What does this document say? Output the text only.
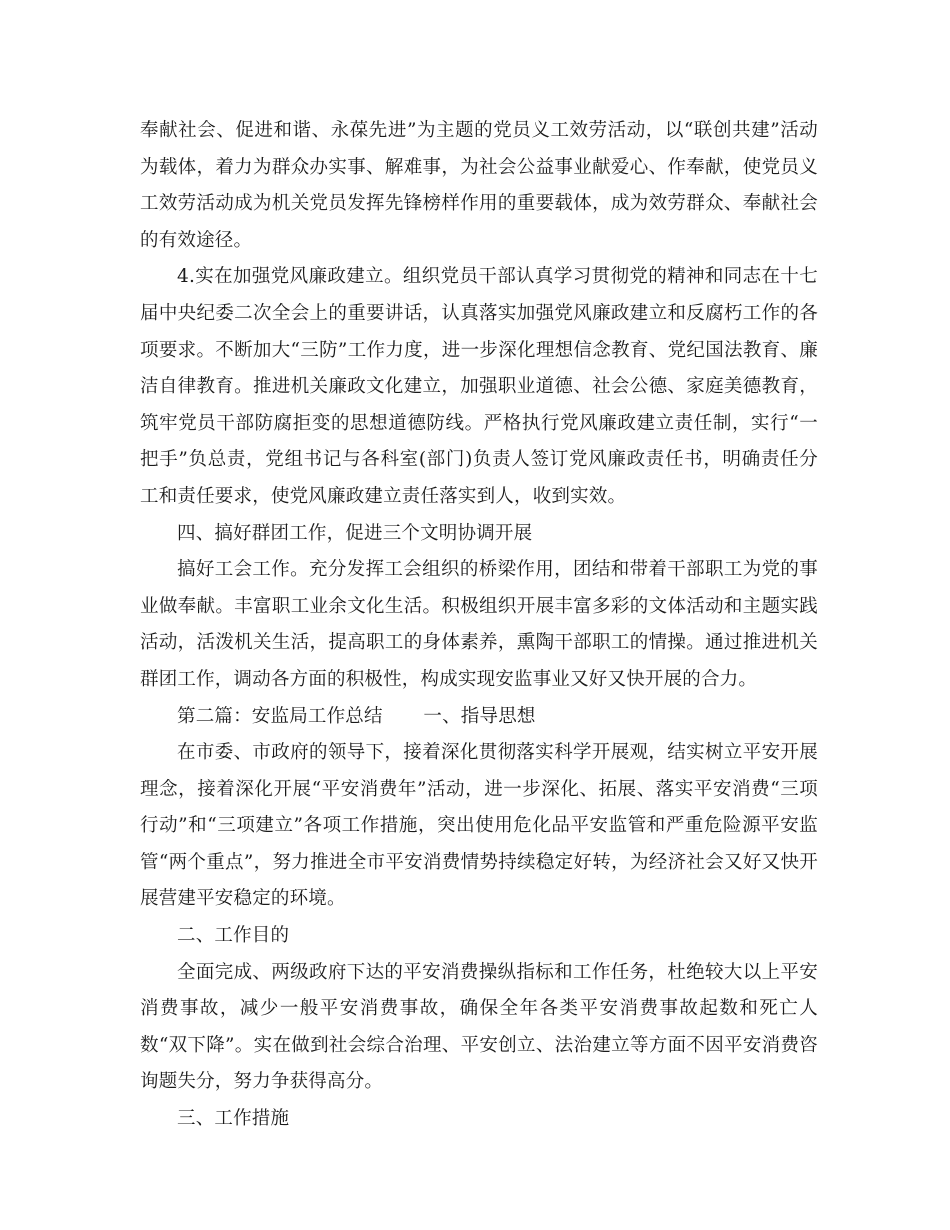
奉献社会、促进和谐、永葆先进”为主题的党员义工效劳活动，以“联创共建”活动为载体，着力为群众办实事、解难事，为社会公益事业献爱心、作奉献，使党员义工效劳活动成为机关党员发挥先锋榜样作用的重要载体，成为效劳群众、奉献社会的有效途径。

4.实在加强党风廉政建立。组织党员干部认真学习贯彻党的精神和同志在十七届中央纪委二次全会上的重要讲话，认真落实加强党风廉政建立和反腐朽工作的各项要求。不断加大“三防”工作力度，进一步深化理想信念教育、党纪国法教育、廉洁自律教育。推进机关廉政文化建立，加强职业道德、社会公德、家庭美德教育，筑牢党员干部防腐拒变的思想道德防线。严格执行党风廉政建立责任制，实行“一把手”负总责，党组书记与各科室(部门)负责人签订党风廉政责任书，明确责任分工和责任要求，使党风廉政建立责任落实到人，收到实效。

四、搞好群团工作，促进三个文明协调开展

搞好工会工作。充分发挥工会组织的桥梁作用，团结和带着干部职工为党的事业做奉献。丰富职工业余文化生活。积极组织开展丰富多彩的文体活动和主题实践活动，活泼机关生活，提高职工的身体素养，熏陶干部职工的情操。通过推进机关群团工作，调动各方面的积极性，构成实现安监事业又好又快开展的合力。

第二篇：安监局工作总结 一、指导思想

在市委、市政府的领导下，接着深化贯彻落实科学开展观，结实树立平安开展理念，接着深化开展“平安消费年”活动，进一步深化、拓展、落实平安消费“三项行动”和“三项建立”各项工作措施，突出使用危化品平安监管和严重危险源平安监管“两个重点”，努力推进全市平安消费情势持续稳定好转，为经济社会又好又快开展营建平安稳定的环境。

二、工作目的

全面完成、两级政府下达的平安消费操纵指标和工作任务，杜绝较大以上平安消费事故，减少一般平安消费事故，确保全年各类平安消费事故起数和死亡人数“双下降”。实在做到社会综合治理、平安创立、法治建立等方面不因平安消费咨询题失分，努力争获得高分。

三、工作措施
